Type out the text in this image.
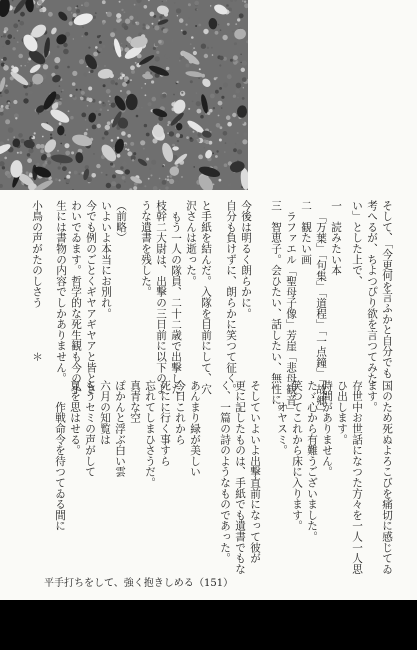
そして、「今更何を言ふかと自分でも
考へるが、ちよつぴり欲を言つてみた
い」とした上で、
一　読みたい本
「万葉」「句集」「道程」「一点鐘」「故郷」
二　観たい画
ラファエル「聖母子像」芳崖「悲母観音」
三　智恵子。会ひたい、話したい、無性に。
今後は明るく朗らかに。
自分も負けずに、朗らかに笑つて征く。
と手紙を結んだ。入隊を目前にして、穴
沢さんは逝った。
もう一人の隊員、二十二歳で出撃した
枝幹二大尉は、出撃の三日前に以下のよ
うな遺書を残した。
（前略）
いよいよ本当にお別れ。
今でも例のごとくギヤアギヤアと皆とさ
わいでゐます。哲学的な死生観も今の小
生には書物の内容でしかありません。
国のため死ぬよろこびを痛切に感じてゐ
ます。
存世中お世話になつた方々を一人一人思
ひ出します。
時間がありません。
たゞ心から有難うございました。
笑つてこれから床に入ります。
　　オヤスミ。
そしていよいよ出撃直前になって彼が
更に記したものは、手紙でも遺書でもな
く、一篇の詩のようなものであった。
あんまり緑が美しい
今日これから
死にに行く事すら
忘れてしまひさうだ。
真青な空
ぽかんと浮ぶ白い雲
六月の知覧は
もうセミの声がして
夏を思はせる。
　　作戦命令を待つてゐる間に
小鳥の声がたのしさう　　　　＊
平手打ちをして、強く抱きしめる （151）
